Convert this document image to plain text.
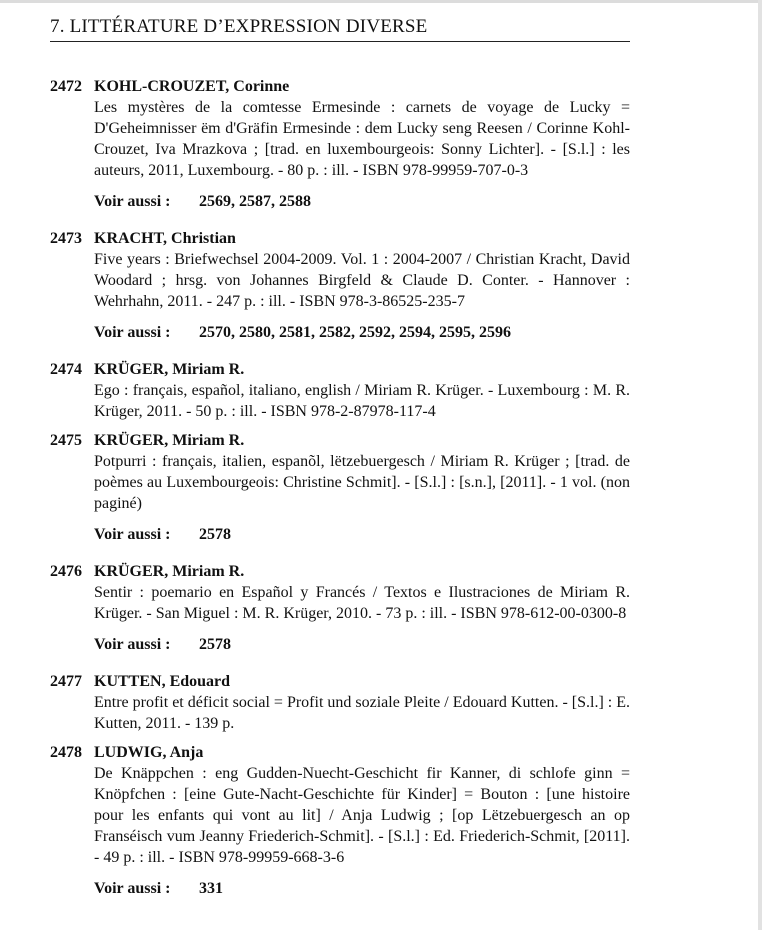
7. LITTÉRATURE D’EXPRESSION DIVERSE
2472 KOHL-CROUZET, Corinne
Les mystères de la comtesse Ermesinde : carnets de voyage de Lucky = D'Geheimnisser ëm d'Gräfin Ermesinde : dem Lucky seng Reesen / Corinne Kohl-Crouzet, Iva Mrazkova ; [trad. en luxembourgeois: Sonny Lichter]. - [S.l.] : les auteurs, 2011, Luxembourg. - 80 p. : ill. - ISBN 978-99959-707-0-3
Voir aussi : 2569, 2587, 2588
2473 KRACHT, Christian
Five years : Briefwechsel 2004-2009. Vol. 1 : 2004-2007 / Christian Kracht, David Woodard ; hrsg. von Johannes Birgfeld & Claude D. Conter. - Hannover : Wehrhahn, 2011. - 247 p. : ill. - ISBN 978-3-86525-235-7
Voir aussi : 2570, 2580, 2581, 2582, 2592, 2594, 2595, 2596
2474 KRÜGER, Miriam R.
Ego : français, español, italiano, english / Miriam R. Krüger. - Luxembourg : M. R. Krüger, 2011. - 50 p. : ill. - ISBN 978-2-87978-117-4
2475 KRÜGER, Miriam R.
Potpurri : français, italien, espanõl, lëtzebuergesch / Miriam R. Krüger ; [trad. de poèmes au Luxembourgeois: Christine Schmit]. - [S.l.] : [s.n.], [2011]. - 1 vol. (non paginé)
Voir aussi : 2578
2476 KRÜGER, Miriam R.
Sentir : poemario en Español y Francés / Textos e Ilustraciones de Miriam R. Krüger. - San Miguel : M. R. Krüger, 2010. - 73 p. : ill. - ISBN 978-612-00-0300-8
Voir aussi : 2578
2477 KUTTEN, Edouard
Entre profit et déficit social = Profit und soziale Pleite / Edouard Kutten. - [S.l.] : E. Kutten, 2011. - 139 p.
2478 LUDWIG, Anja
De Knäppchen : eng Gudden-Nuecht-Geschicht fir Kanner, di schlofe ginn = Knöpfchen : [eine Gute-Nacht-Geschichte für Kinder] = Bouton : [une histoire pour les enfants qui vont au lit] / Anja Ludwig ; [op Lëtzebuergesch an op Franséisch vum Jeanny Friederich-Schmit]. - [S.l.] : Ed. Friederich-Schmit, [2011]. - 49 p. : ill. - ISBN 978-99959-668-3-6
Voir aussi : 331
